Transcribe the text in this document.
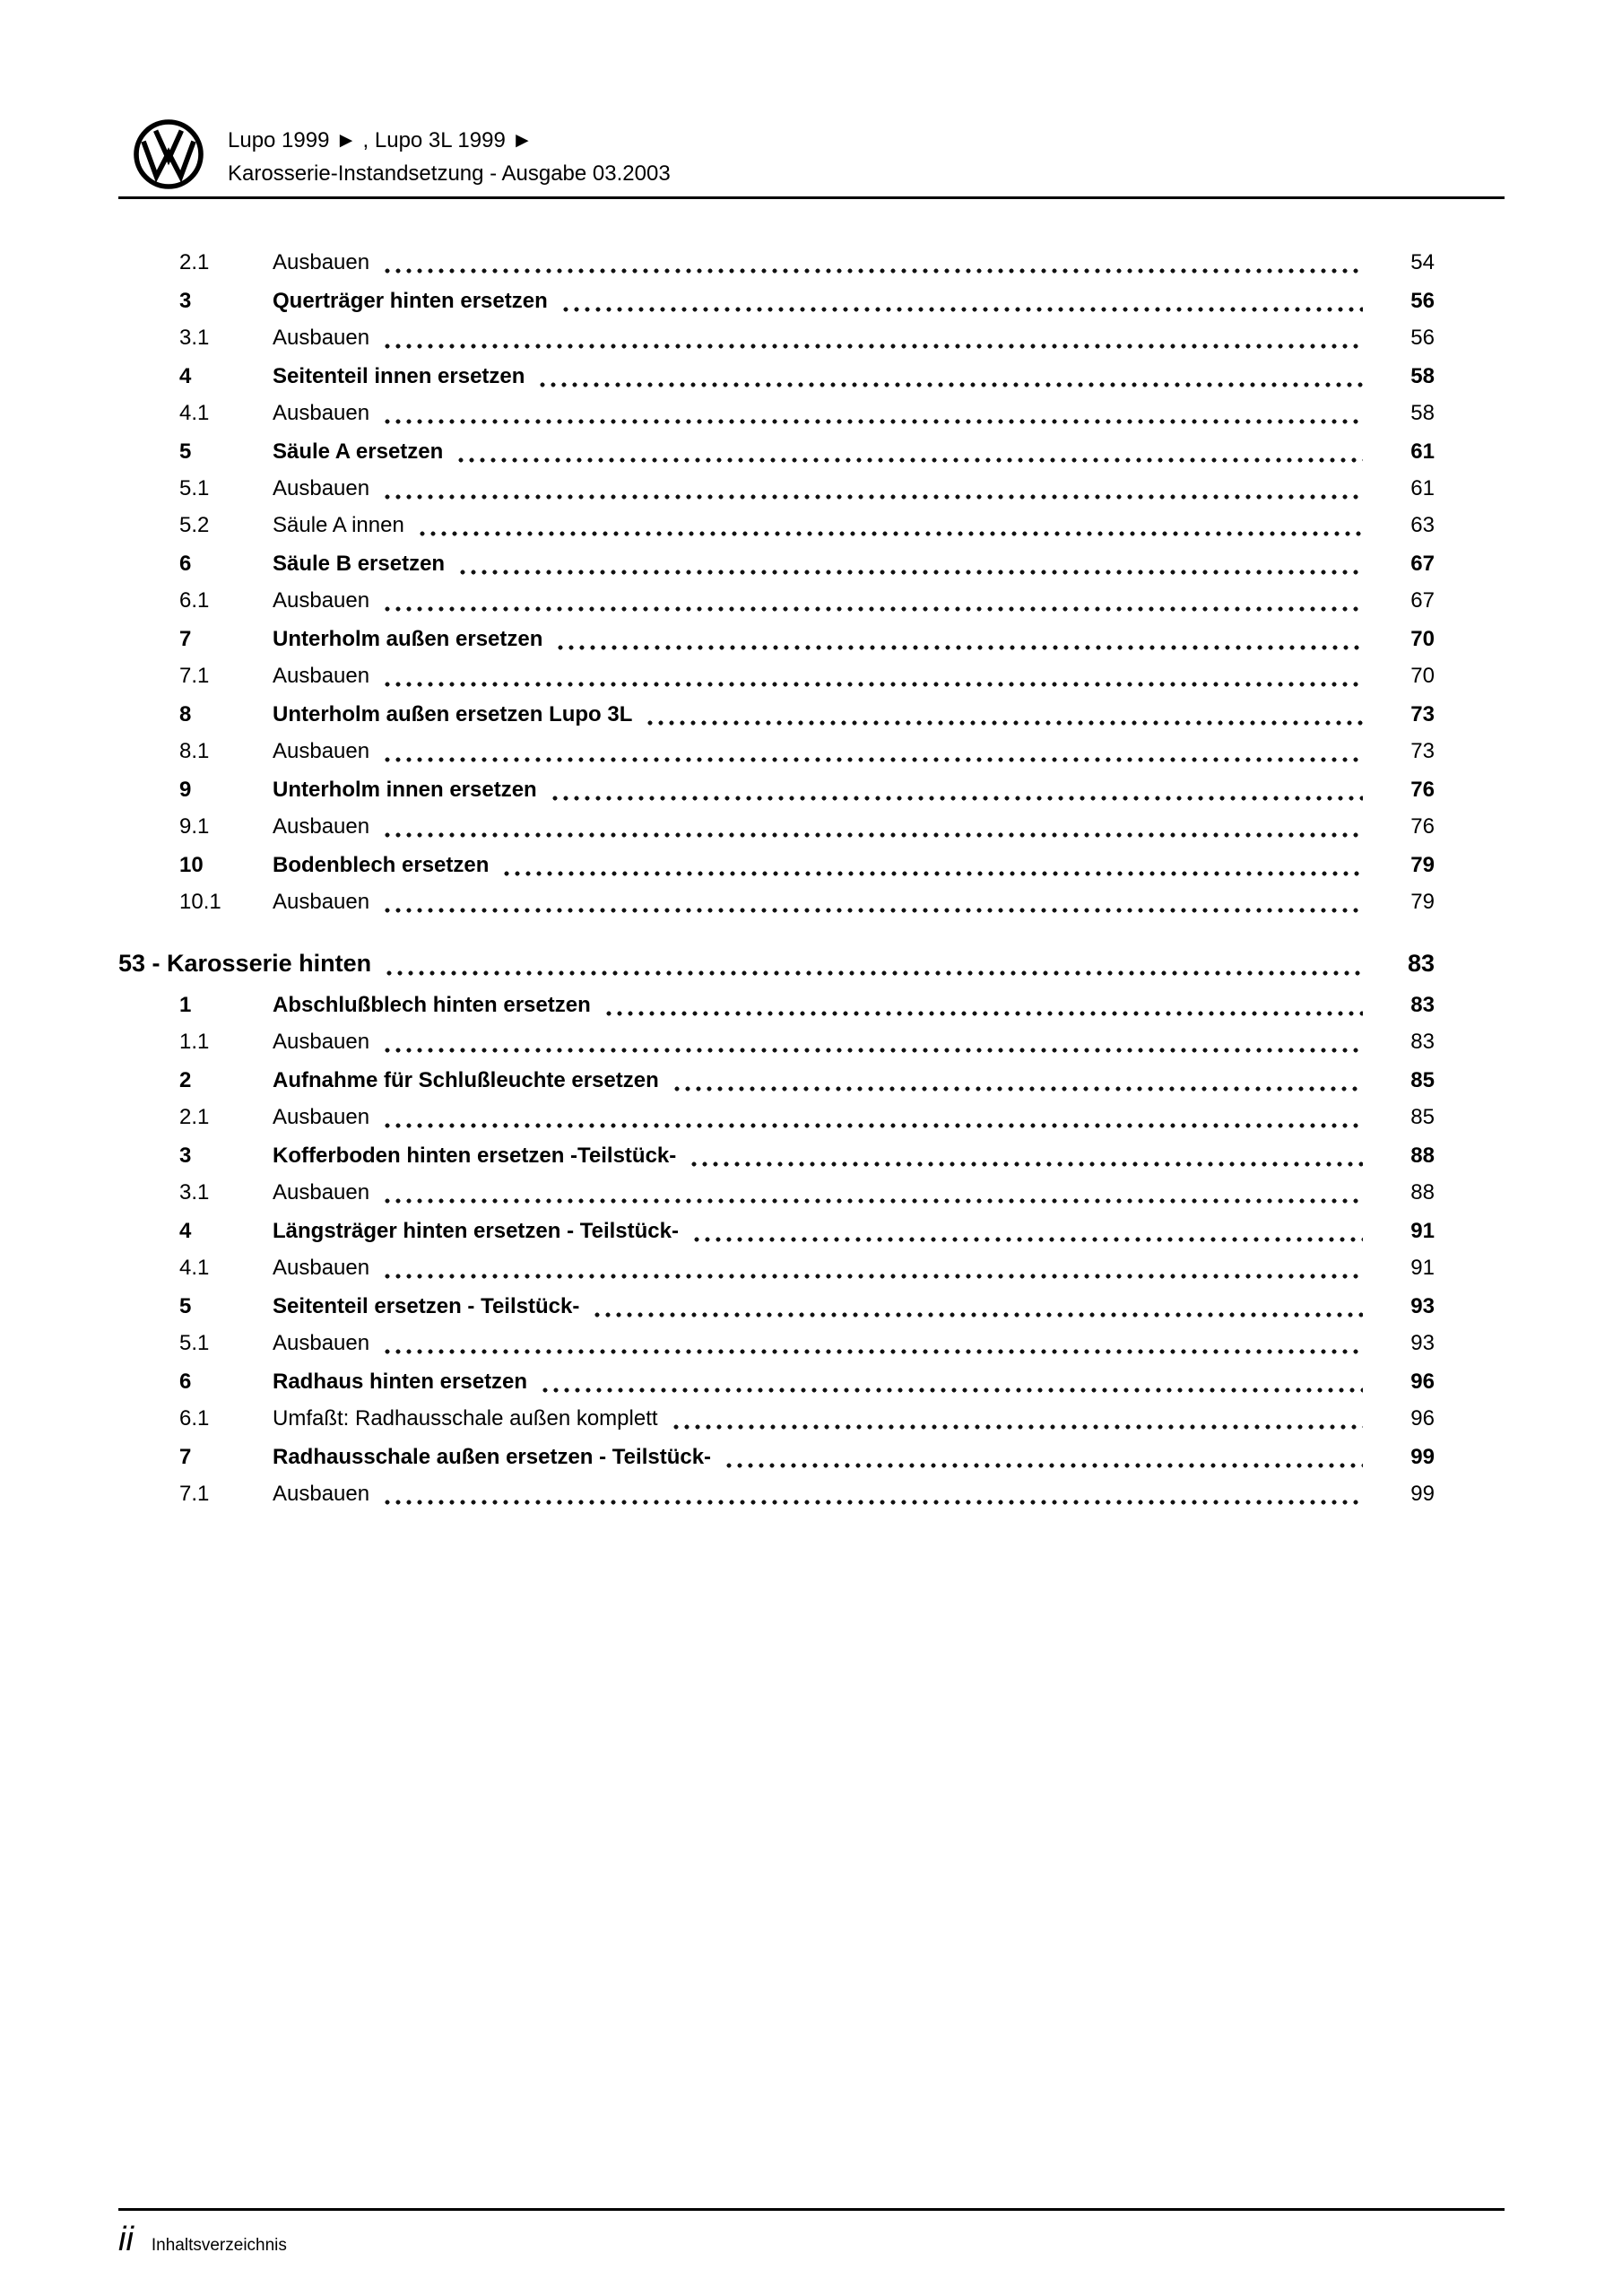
Lupo 1999 ► , Lupo 3L 1999 ►
Karosserie-Instandsetzung - Ausgabe 03.2003
2.1	Ausbauen	54
3	Querträger hinten ersetzen	56
3.1	Ausbauen	56
4	Seitenteil innen ersetzen	58
4.1	Ausbauen	58
5	Säule A ersetzen	61
5.1	Ausbauen	61
5.2	Säule A innen	63
6	Säule B ersetzen	67
6.1	Ausbauen	67
7	Unterholm außen ersetzen	70
7.1	Ausbauen	70
8	Unterholm außen ersetzen Lupo 3L	73
8.1	Ausbauen	73
9	Unterholm innen ersetzen	76
9.1	Ausbauen	76
10	Bodenblech ersetzen	79
10.1	Ausbauen	79
53 - Karosserie hinten	83
1	Abschlußblech hinten ersetzen	83
1.1	Ausbauen	83
2	Aufnahme für Schlußleuchte ersetzen	85
2.1	Ausbauen	85
3	Kofferboden hinten ersetzen -Teilstück-	88
3.1	Ausbauen	88
4	Längsträger hinten ersetzen - Teilstück-	91
4.1	Ausbauen	91
5	Seitenteil ersetzen - Teilstück-	93
5.1	Ausbauen	93
6	Radhaus hinten ersetzen	96
6.1	Umfaßt: Radhausschale außen komplett	96
7	Radhausschale außen ersetzen - Teilstück-	99
7.1	Ausbauen	99
ii Inhaltsverzeichnis
